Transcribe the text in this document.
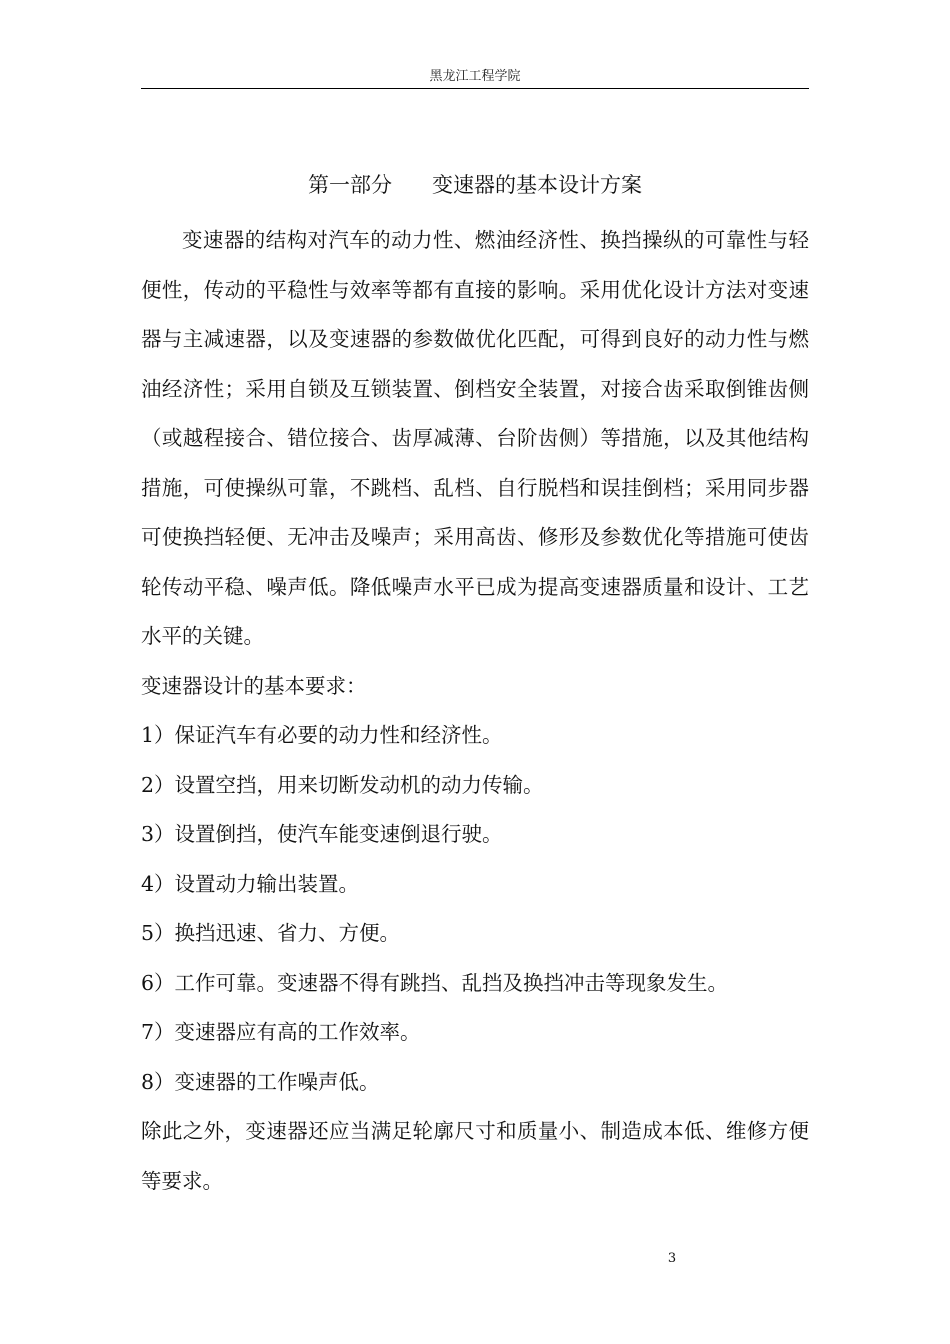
黑龙江工程学院
第一部分      变速器的基本设计方案

变速器的结构对汽车的动力性、燃油经济性、换挡操纵的可靠性与轻便性，传动的平稳性与效率等都有直接的影响。采用优化设计方法对变速器与主减速器，以及变速器的参数做优化匹配，可得到良好的动力性与燃油经济性；采用自锁及互锁装置、倒档安全装置，对接合齿采取倒锥齿侧（或越程接合、错位接合、齿厚减薄、台阶齿侧）等措施，以及其他结构措施，可使操纵可靠，不跳档、乱档、自行脱档和误挂倒档；采用同步器可使换挡轻便、无冲击及噪声；采用高齿、修形及参数优化等措施可使齿轮传动平稳、噪声低。降低噪声水平已成为提高变速器质量和设计、工艺水平的关键。

变速器设计的基本要求：

1）保证汽车有必要的动力性和经济性。

2）设置空挡，用来切断发动机的动力传输。

3）设置倒挡，使汽车能变速倒退行驶。

4）设置动力输出装置。

5）换挡迅速、省力、方便。

6）工作可靠。变速器不得有跳挡、乱挡及换挡冲击等现象发生。

7）变速器应有高的工作效率。

8）变速器的工作噪声低。

除此之外，变速器还应当满足轮廓尺寸和质量小、制造成本低、维修方便等要求。

3
